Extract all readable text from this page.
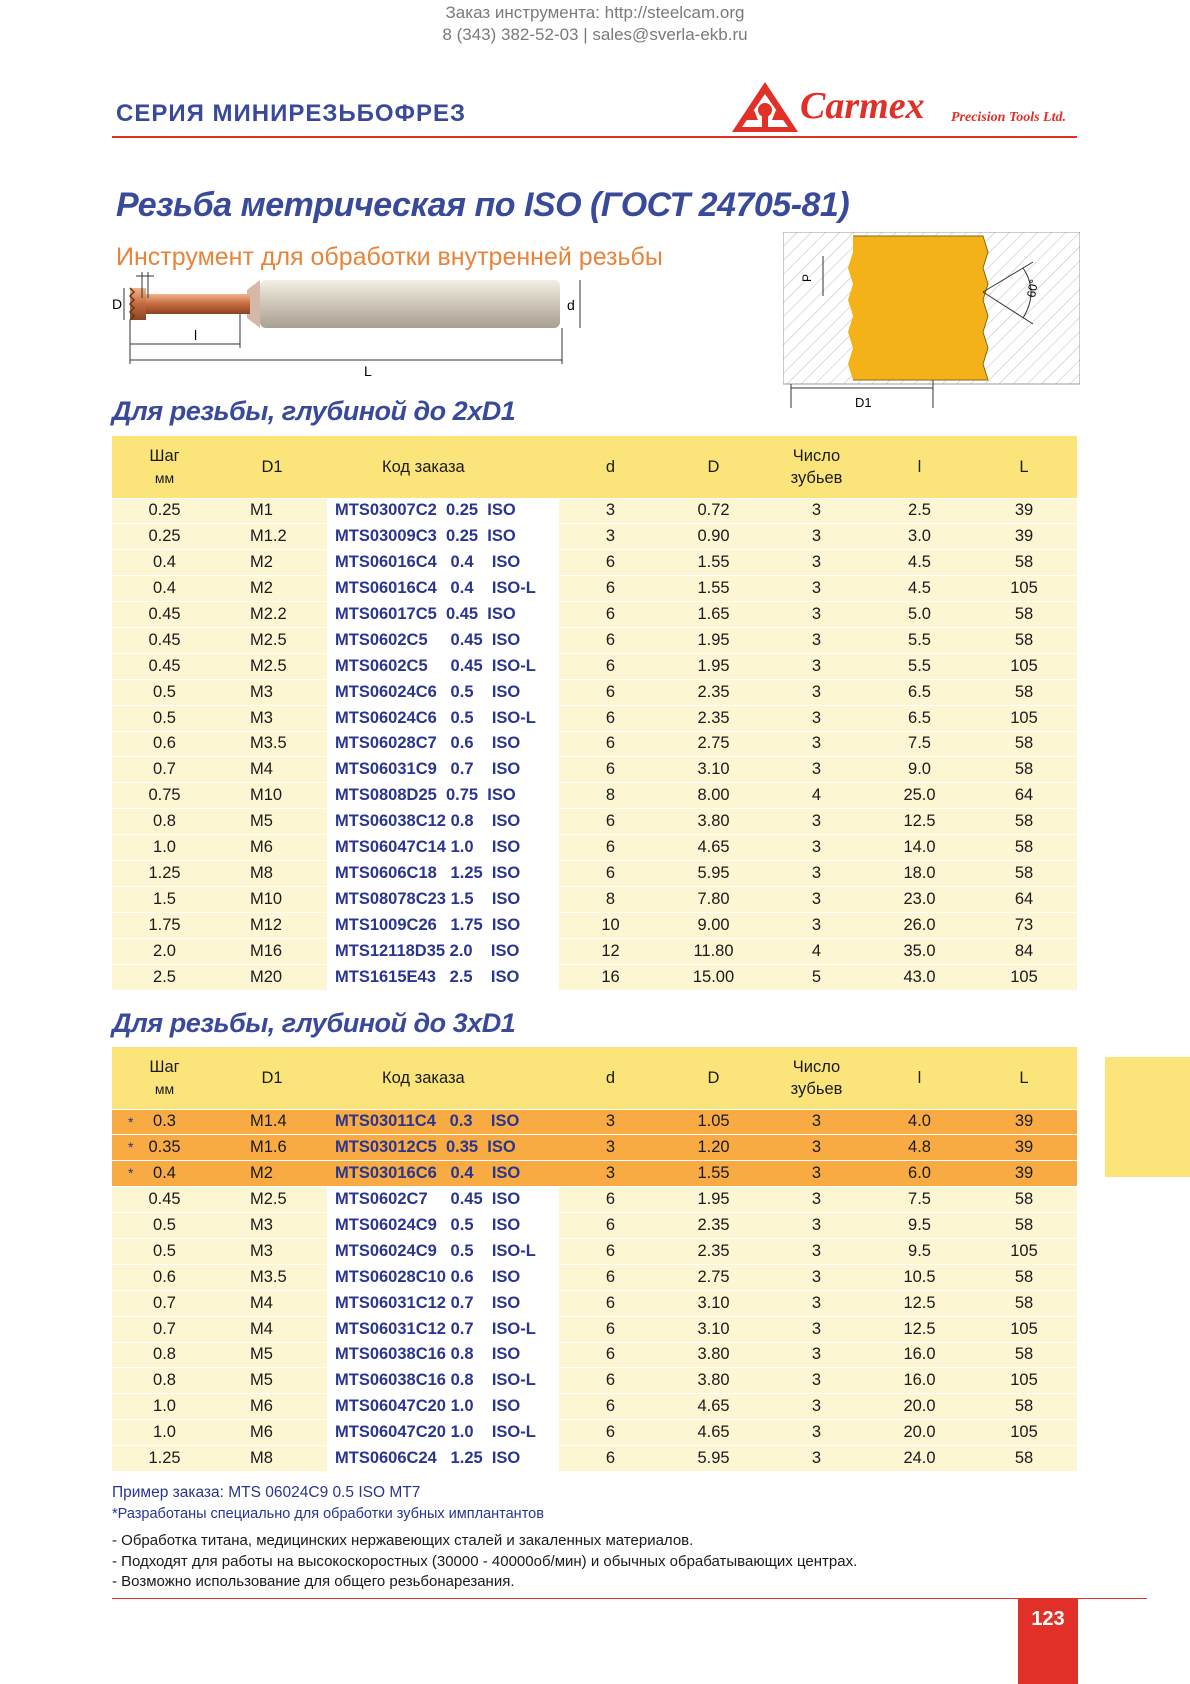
Заказ инструмента: http://steelcam.org
8 (343) 382-52-03 | sales@sverla-ekb.ru
СЕРИЯ МИНИРЕЗЬБОФРЕЗ	Carmex Precision Tools Ltd.
Резьба метрическая по ISO (ГОСТ 24705-81)
Инструмент для обработки внутренней резьбы
D	d
l
L
60°
P
D1
Для резьбы, глубиной до 2xD1
Шаг
мм	D1	Код заказа	d	D	Число
зубьев	l	L
0.25	M1	MTS03007C2  0.25  ISO	3	0.72	3	2.5	39
0.25	M1.2	MTS03009C3  0.25  ISO	3	0.90	3	3.0	39
0.4	M2	MTS06016C4   0.4    ISO	6	1.55	3	4.5	58
0.4	M2	MTS06016C4   0.4    ISO-L	6	1.55	3	4.5	105
0.45	M2.2	MTS06017C5  0.45  ISO	6	1.65	3	5.0	58
0.45	M2.5	MTS0602C5     0.45  ISO	6	1.95	3	5.5	58
0.45	M2.5	MTS0602C5     0.45  ISO-L	6	1.95	3	5.5	105
0.5	M3	MTS06024C6   0.5    ISO	6	2.35	3	6.5	58
0.5	M3	MTS06024C6   0.5    ISO-L	6	2.35	3	6.5	105
0.6	M3.5	MTS06028C7   0.6    ISO	6	2.75	3	7.5	58
0.7	M4	MTS06031C9   0.7    ISO	6	3.10	3	9.0	58
0.75	M10	MTS0808D25  0.75  ISO	8	8.00	4	25.0	64
0.8	M5	MTS06038C12 0.8    ISO	6	3.80	3	12.5	58
1.0	M6	MTS06047C14 1.0    ISO	6	4.65	3	14.0	58
1.25	M8	MTS0606C18   1.25  ISO	6	5.95	3	18.0	58
1.5	M10	MTS08078C23 1.5    ISO	8	7.80	3	23.0	64
1.75	M12	MTS1009C26   1.75  ISO	10	9.00	3	26.0	73
2.0	M16	MTS12118D35 2.0    ISO	12	11.80	4	35.0	84
2.5	M20	MTS1615E43   2.5    ISO	16	15.00	5	43.0	105
Для резьбы, глубиной до 3xD1
Шаг
мм	D1	Код заказа	d	D	Число
зубьев	l	L

* 0.3	M1.4	MTS03011C4   0.3    ISO	3	1.05	3	4.0	39

* 0.35	M1.6	MTS03012C5  0.35  ISO	3	1.20	3	4.8	39

* 0.4	M2	MTS03016C6   0.4    ISO	3	1.55	3	6.0	39
0.45	M2.5	MTS0602C7     0.45  ISO	6	1.95	3	7.5	58
0.5	M3	MTS06024C9   0.5    ISO	6	2.35	3	9.5	58
0.5	M3	MTS06024C9   0.5    ISO-L	6	2.35	3	9.5	105
0.6	M3.5	MTS06028C10 0.6    ISO	6	2.75	3	10.5	58
0.7	M4	MTS06031C12 0.7    ISO	6	3.10	3	12.5	58
0.7	M4	MTS06031C12 0.7    ISO-L	6	3.10	3	12.5	105
0.8	M5	MTS06038C16 0.8    ISO	6	3.80	3	16.0	58
0.8	M5	MTS06038C16 0.8    ISO-L	6	3.80	3	16.0	105
1.0	M6	MTS06047C20 1.0    ISO	6	4.65	3	20.0	58
1.0	M6	MTS06047C20 1.0    ISO-L	6	4.65	3	20.0	105
1.25	M8	MTS0606C24   1.25  ISO	6	5.95	3	24.0	58
Пример заказа: MTS 06024C9 0.5 ISO MT7
*Разработаны специально для обработки зубных имплантантов
- Обработка титана, медицинских нержавеющих сталей и закаленных материалов.
- Подходят для работы на высокоскоростных (30000 - 40000об/мин) и обычных обрабатывающих центрах.
- Возможно использование для общего резьбонарезания.
123
